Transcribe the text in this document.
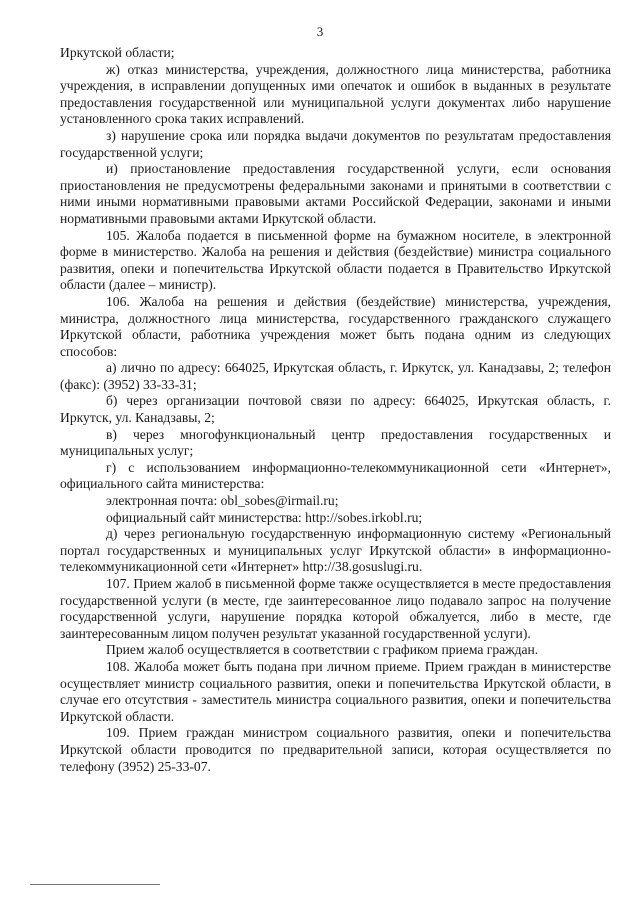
3

Иркутской области;

ж) отказ министерства, учреждения, должностного лица министерства, работника учреждения, в исправлении допущенных ими опечаток и ошибок в выданных в результате предоставления государственной или муниципальной услуги документах либо нарушение установленного срока таких исправлений.

з) нарушение срока или порядка выдачи документов по результатам предоставления государственной услуги;

и) приостановление предоставления государственной услуги, если основания приостановления не предусмотрены федеральными законами и принятыми в соответствии с ними иными нормативными правовыми актами Российской Федерации, законами и иными нормативными правовыми актами Иркутской области.

105. Жалоба подается в письменной форме на бумажном носителе, в электронной форме в министерство. Жалоба на решения и действия (бездействие) министра социального развития, опеки и попечительства Иркутской области подается в Правительство Иркутской области (далее – министр).

106. Жалоба на решения и действия (бездействие) министерства, учреждения, министра, должностного лица министерства, государственного гражданского служащего Иркутской области, работника учреждения может быть подана одним из следующих способов:

а) лично по адресу: 664025, Иркутская область, г. Иркутск, ул. Канадзавы, 2; телефон (факс): (3952) 33-33-31;

б) через организации почтовой связи по адресу: 664025, Иркутская область, г. Иркутск, ул. Канадзавы, 2;

в) через многофункциональный центр предоставления государственных и муниципальных услуг;

г) с использованием информационно-телекоммуникационной сети «Интернет», официального сайта министерства:

электронная почта: obl_sobes@irmail.ru;

официальный сайт министерства: http://sobes.irkobl.ru;

д) через региональную государственную информационную систему «Региональный портал государственных и муниципальных услуг Иркутской области» в информационно-телекоммуникационной сети «Интернет» http://38.gosuslugi.ru.

107. Прием жалоб в письменной форме также осуществляется в месте предоставления государственной услуги (в месте, где заинтересованное лицо подавало запрос на получение государственной услуги, нарушение порядка которой обжалуется, либо в месте, где заинтересованным лицом получен результат указанной государственной услуги).

Прием жалоб осуществляется в соответствии с графиком приема граждан.

108. Жалоба может быть подана при личном приеме. Прием граждан в министерстве осуществляет министр социального развития, опеки и попечительства Иркутской области, в случае его отсутствия - заместитель министра социального развития, опеки и попечительства Иркутской области.

109. Прием граждан министром социального развития, опеки и попечительства Иркутской области проводится по предварительной записи, которая осуществляется по телефону (3952) 25-33-07.
